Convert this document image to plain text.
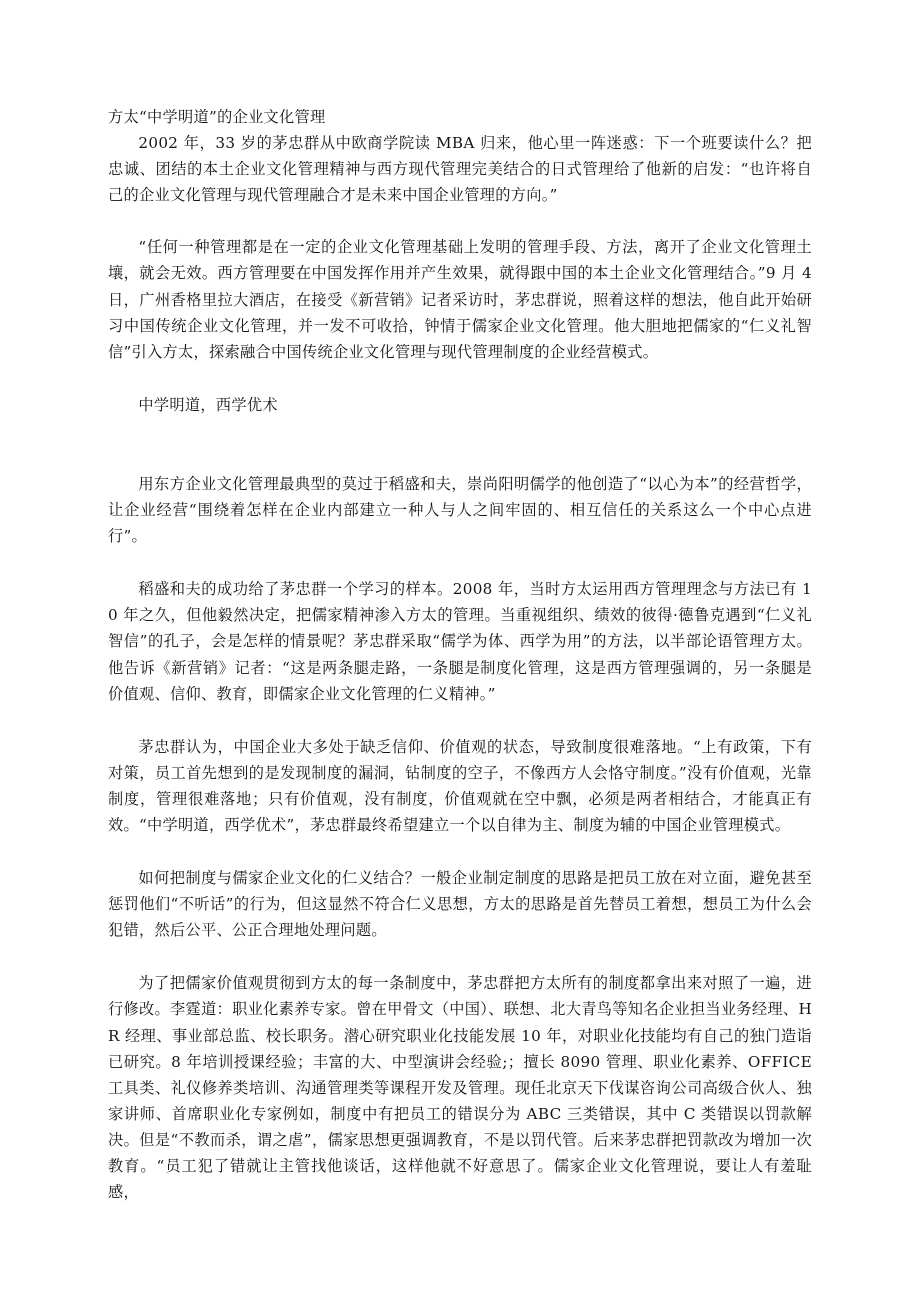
方太“中学明道”的企业文化管理

2002 年，33 岁的茅忠群从中欧商学院读 MBA 归来，他心里一阵迷惑：下一个班要读什么？把忠诚、团结的本土企业文化管理精神与西方现代管理完美结合的日式管理给了他新的启发：“也许将自己的企业文化管理与现代管理融合才是未来中国企业管理的方向。”

“任何一种管理都是在一定的企业文化管理基础上发明的管理手段、方法，离开了企业文化管理土壤，就会无效。西方管理要在中国发挥作用并产生效果，就得跟中国的本土企业文化管理结合。”9 月 4 日，广州香格里拉大酒店，在接受《新营销》记者采访时，茅忠群说，照着这样的想法，他自此开始研习中国传统企业文化管理，并一发不可收拾，钟情于儒家企业文化管理。他大胆地把儒家的“仁义礼智信”引入方太，探索融合中国传统企业文化管理与现代管理制度的企业经营模式。

中学明道，西学优术

用东方企业文化管理最典型的莫过于稻盛和夫，崇尚阳明儒学的他创造了“以心为本”的经营哲学，让企业经营“围绕着怎样在企业内部建立一种人与人之间牢固的、相互信任的关系这么一个中心点进行”。

稻盛和夫的成功给了茅忠群一个学习的样本。2008 年，当时方太运用西方管理理念与方法已有 10 年之久，但他毅然决定，把儒家精神渗入方太的管理。当重视组织、绩效的彼得·德鲁克遇到“仁义礼智信”的孔子，会是怎样的情景呢？茅忠群采取“儒学为体、西学为用”的方法，以半部论语管理方太。他告诉《新营销》记者：“这是两条腿走路，一条腿是制度化管理，这是西方管理强调的，另一条腿是价值观、信仰、教育，即儒家企业文化管理的仁义精神。”

茅忠群认为，中国企业大多处于缺乏信仰、价值观的状态，导致制度很难落地。“上有政策，下有对策，员工首先想到的是发现制度的漏洞，钻制度的空子，不像西方人会恪守制度。”没有价值观，光靠制度，管理很难落地；只有价值观，没有制度，价值观就在空中飘，必须是两者相结合，才能真正有效。“中学明道，西学优术”，茅忠群最终希望建立一个以自律为主、制度为辅的中国企业管理模式。

如何把制度与儒家企业文化的仁义结合？一般企业制定制度的思路是把员工放在对立面，避免甚至惩罚他们“不听话”的行为，但这显然不符合仁义思想，方太的思路是首先替员工着想，想员工为什么会犯错，然后公平、公正合理地处理问题。

为了把儒家价值观贯彻到方太的每一条制度中，茅忠群把方太所有的制度都拿出来对照了一遍，进行修改。李霆道：职业化素养专家。曾在甲骨文（中国）、联想、北大青鸟等知名企业担当业务经理、HR 经理、事业部总监、校长职务。潜心研究职业化技能发展 10 年，对职业化技能均有自己的独门造诣已研究。8 年培训授课经验；丰富的大、中型演讲会经验;；擅长 8090 管理、职业化素养、OFFICE 工具类、礼仪修养类培训、沟通管理类等课程开发及管理。现任北京天下伐谋咨询公司高级合伙人、独家讲师、首席职业化专家例如，制度中有把员工的错误分为 ABC 三类错误，其中 C 类错误以罚款解决。但是“不教而杀，谓之虐”，儒家思想更强调教育，不是以罚代管。后来茅忠群把罚款改为增加一次教育。“员工犯了错就让主管找他谈话，这样他就不好意思了。儒家企业文化管理说，要让人有羞耻感，
